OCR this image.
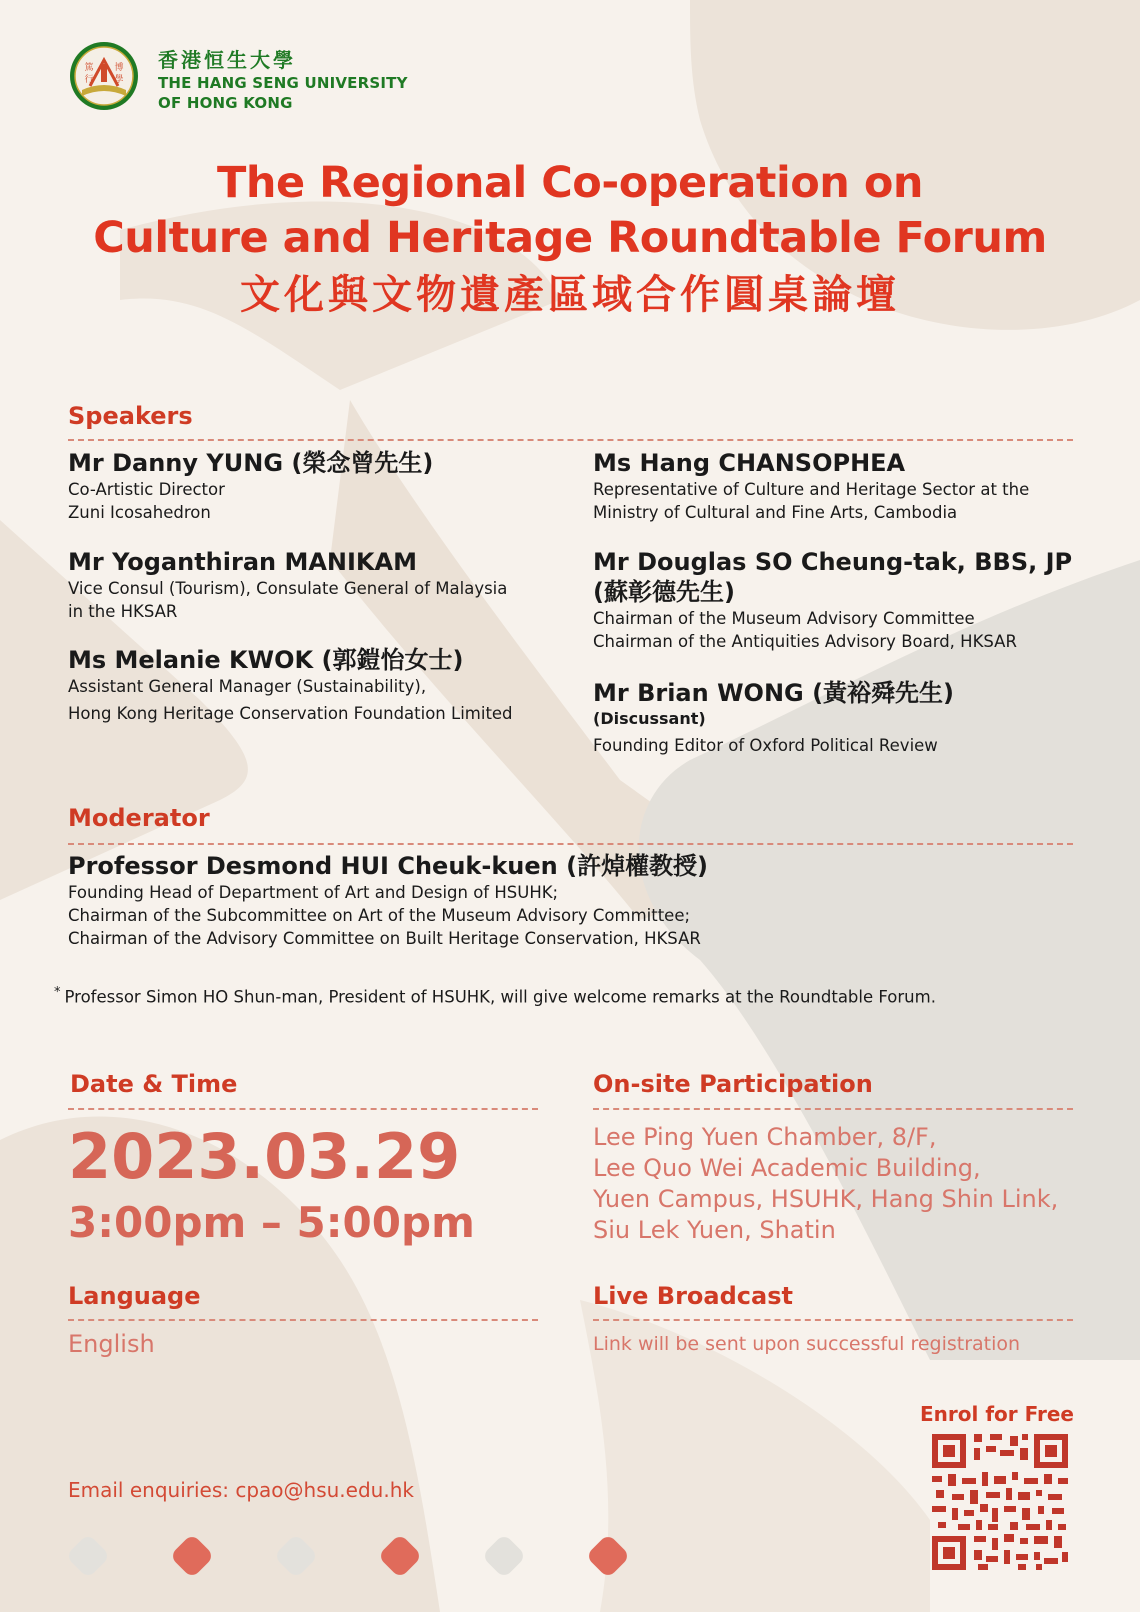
篤 博
行 學
香港恒生大學
THE HANG SENG UNIVERSITY
OF HONG KONG
The Regional Co-operation on
Culture and Heritage Roundtable Forum
文化與文物遺產區域合作圓桌論壇
Speakers
Mr Danny YUNG (榮念曾先生)
Co-Artistic Director
Zuni Icosahedron
Mr Yoganthiran MANIKAM
Vice Consul (Tourism), Consulate General of Malaysia
in the HKSAR
Ms Melanie KWOK (郭鎧怡女士)
Assistant General Manager (Sustainability),
Hong Kong Heritage Conservation Foundation Limited
Ms Hang CHANSOPHEA
Representative of Culture and Heritage Sector at the
Ministry of Cultural and Fine Arts, Cambodia
Mr Douglas SO Cheung-tak, BBS, JP
(蘇彰德先生)
Chairman of the Museum Advisory Committee
Chairman of the Antiquities Advisory Board, HKSAR
Mr Brian WONG (黃裕舜先生)
(Discussant)
Founding Editor of Oxford Political Review
Moderator
Professor Desmond HUI Cheuk-kuen (許焯權教授)
Founding Head of Department of Art and Design of HSUHK;
Chairman of the Subcommittee on Art of the Museum Advisory Committee;
Chairman of the Advisory Committee on Built Heritage Conservation, HKSAR
* Professor Simon HO Shun-man, President of HSUHK, will give welcome remarks at the Roundtable Forum.
Date & Time
2023.03.29
3:00pm – 5:00pm
On-site Participation
Lee Ping Yuen Chamber, 8/F,
Lee Quo Wei Academic Building,
Yuen Campus, HSUHK, Hang Shin Link,
Siu Lek Yuen, Shatin
Language
English
Live Broadcast
Link will be sent upon successful registration
Email enquiries: cpao@hsu.edu.hk
Enrol for Free
